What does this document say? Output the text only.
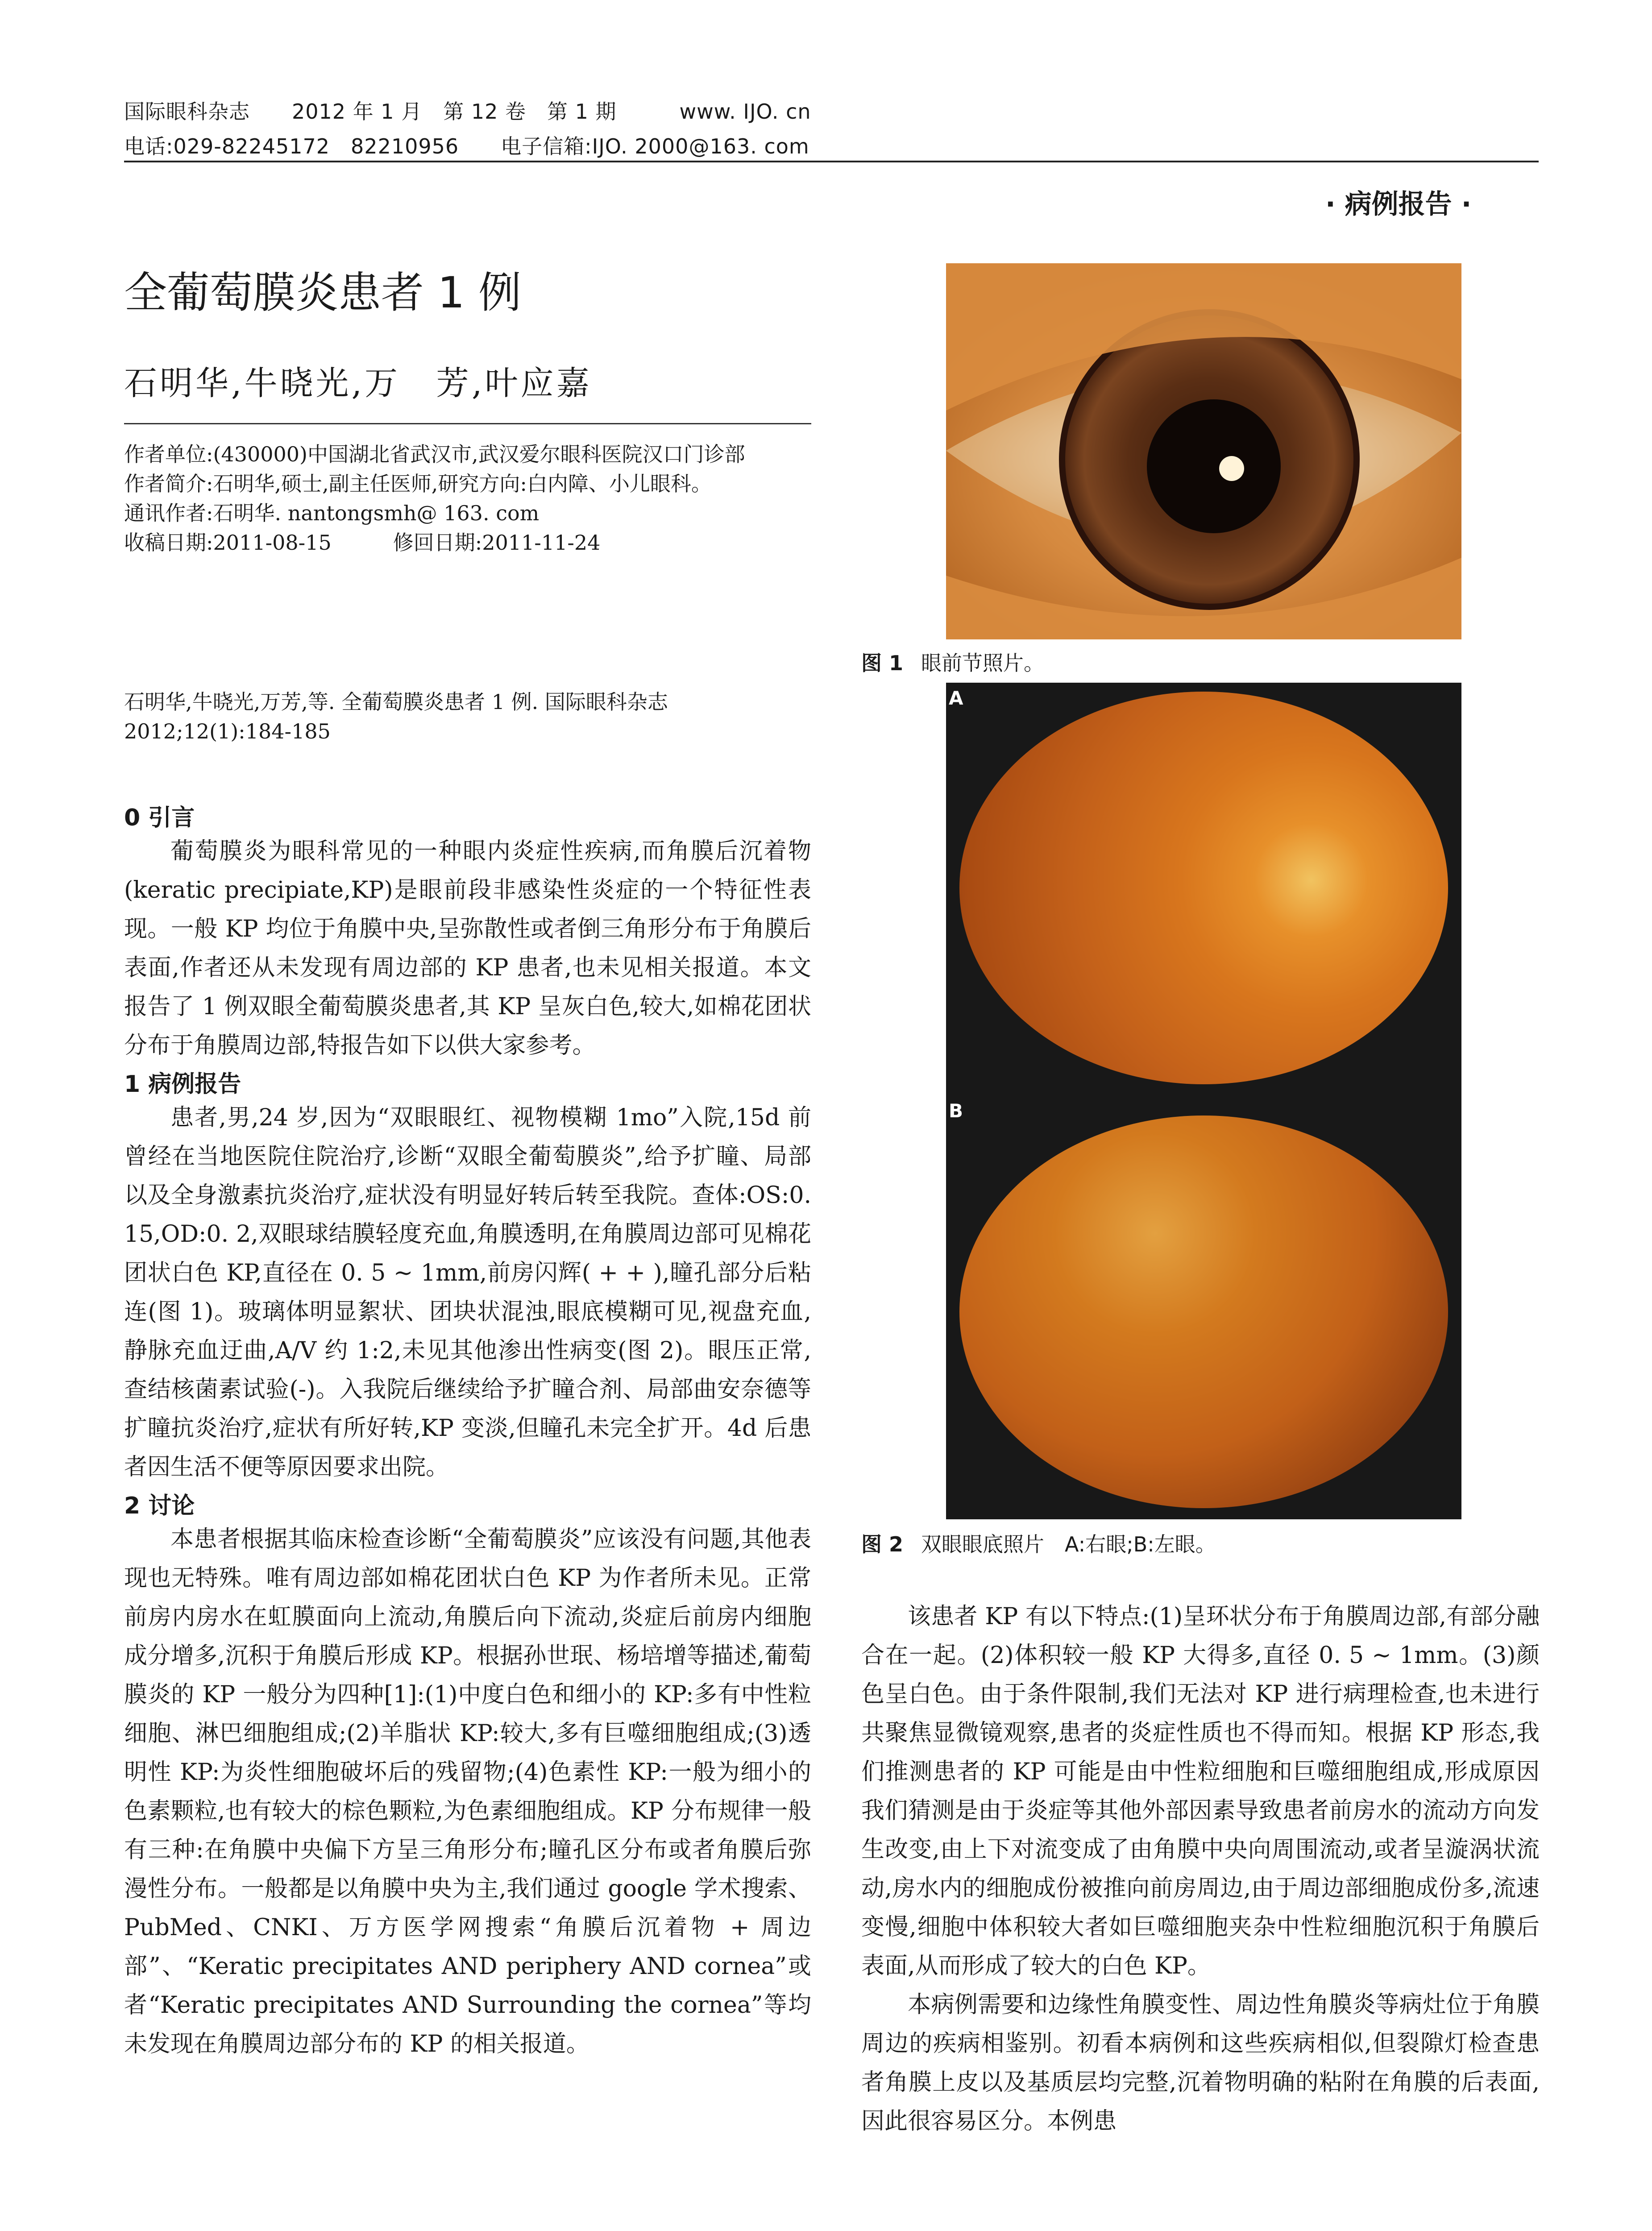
国际眼科杂志　　2012 年 1 月　第 12 卷　第 1 期　　　www. IJO. cn
电话:029-82245172　82210956　　电子信箱:IJO. 2000@163. com
· 病例报告 ·
全葡萄膜炎患者 1 例
石明华,牛晓光,万　芳,叶应嘉
作者单位:(430000)中国湖北省武汉市,武汉爱尔眼科医院汉口门诊部
作者简介:石明华,硕士,副主任医师,研究方向:白内障、小儿眼科。
通讯作者:石明华. nantongsmh@ 163. com
收稿日期:2011-08-15　　　修回日期:2011-11-24
石明华,牛晓光,万芳,等. 全葡萄膜炎患者 1 例. 国际眼科杂志 2012;12(1):184-185
0 引言

葡萄膜炎为眼科常见的一种眼内炎症性疾病,而角膜后沉着物(keratic precipiate,KP)是眼前段非感染性炎症的一个特征性表现。一般 KP 均位于角膜中央,呈弥散性或者倒三角形分布于角膜后表面,作者还从未发现有周边部的 KP 患者,也未见相关报道。本文报告了 1 例双眼全葡萄膜炎患者,其 KP 呈灰白色,较大,如棉花团状分布于角膜周边部,特报告如下以供大家参考。

1 病例报告

患者,男,24 岁,因为“双眼眼红、视物模糊 1mo”入院,15d 前曾经在当地医院住院治疗,诊断“双眼全葡萄膜炎”,给予扩瞳、局部以及全身激素抗炎治疗,症状没有明显好转后转至我院。查体:OS:0. 15,OD:0. 2,双眼球结膜轻度充血,角膜透明,在角膜周边部可见棉花团状白色 KP,直径在 0. 5 ~ 1mm,前房闪辉( + + ),瞳孔部分后粘连(图 1)。玻璃体明显絮状、团块状混浊,眼底模糊可见,视盘充血,静脉充血迂曲,A/V 约 1:2,未见其他渗出性病变(图 2)。眼压正常,查结核菌素试验(-)。入我院后继续给予扩瞳合剂、局部曲安奈德等扩瞳抗炎治疗,症状有所好转,KP 变淡,但瞳孔未完全扩开。4d 后患者因生活不便等原因要求出院。

2 讨论

本患者根据其临床检查诊断“全葡萄膜炎”应该没有问题,其他表现也无特殊。唯有周边部如棉花团状白色 KP 为作者所未见。正常前房内房水在虹膜面向上流动,角膜后向下流动,炎症后前房内细胞成分增多,沉积于角膜后形成 KP。根据孙世珉、杨培增等描述,葡萄膜炎的 KP 一般分为四种[1]:(1)中度白色和细小的 KP:多有中性粒细胞、淋巴细胞组成;(2)羊脂状 KP:较大,多有巨噬细胞组成;(3)透明性 KP:为炎性细胞破坏后的残留物;(4)色素性 KP:一般为细小的色素颗粒,也有较大的棕色颗粒,为色素细胞组成。KP 分布规律一般有三种:在角膜中央偏下方呈三角形分布;瞳孔区分布或者角膜后弥漫性分布。一般都是以角膜中央为主,我们通过 google 学术搜索、PubMed、CNKI、万方医学网搜索“角膜后沉着物 + 周边部”、“Keratic precipitates AND periphery AND cornea”或者“Keratic precipitates AND Surrounding the cornea”等均未发现在角膜周边部分布的 KP 的相关报道。

图 1 眼前节照片。
A
B
图 2 双眼眼底照片　A:右眼;B:左眼。

该患者 KP 有以下特点:(1)呈环状分布于角膜周边部,有部分融合在一起。(2)体积较一般 KP 大得多,直径 0. 5 ~ 1mm。(3)颜色呈白色。由于条件限制,我们无法对 KP 进行病理检查,也未进行共聚焦显微镜观察,患者的炎症性质也不得而知。根据 KP 形态,我们推测患者的 KP 可能是由中性粒细胞和巨噬细胞组成,形成原因我们猜测是由于炎症等其他外部因素导致患者前房水的流动方向发生改变,由上下对流变成了由角膜中央向周围流动,或者呈漩涡状流动,房水内的细胞成份被推向前房周边,由于周边部细胞成份多,流速变慢,细胞中体积较大者如巨噬细胞夹杂中性粒细胞沉积于角膜后表面,从而形成了较大的白色 KP。

本病例需要和边缘性角膜变性、周边性角膜炎等病灶位于角膜周边的疾病相鉴别。初看本病例和这些疾病相似,但裂隙灯检查患者角膜上皮以及基质层均完整,沉着物明确的粘附在角膜的后表面,因此很容易区分。本例患
